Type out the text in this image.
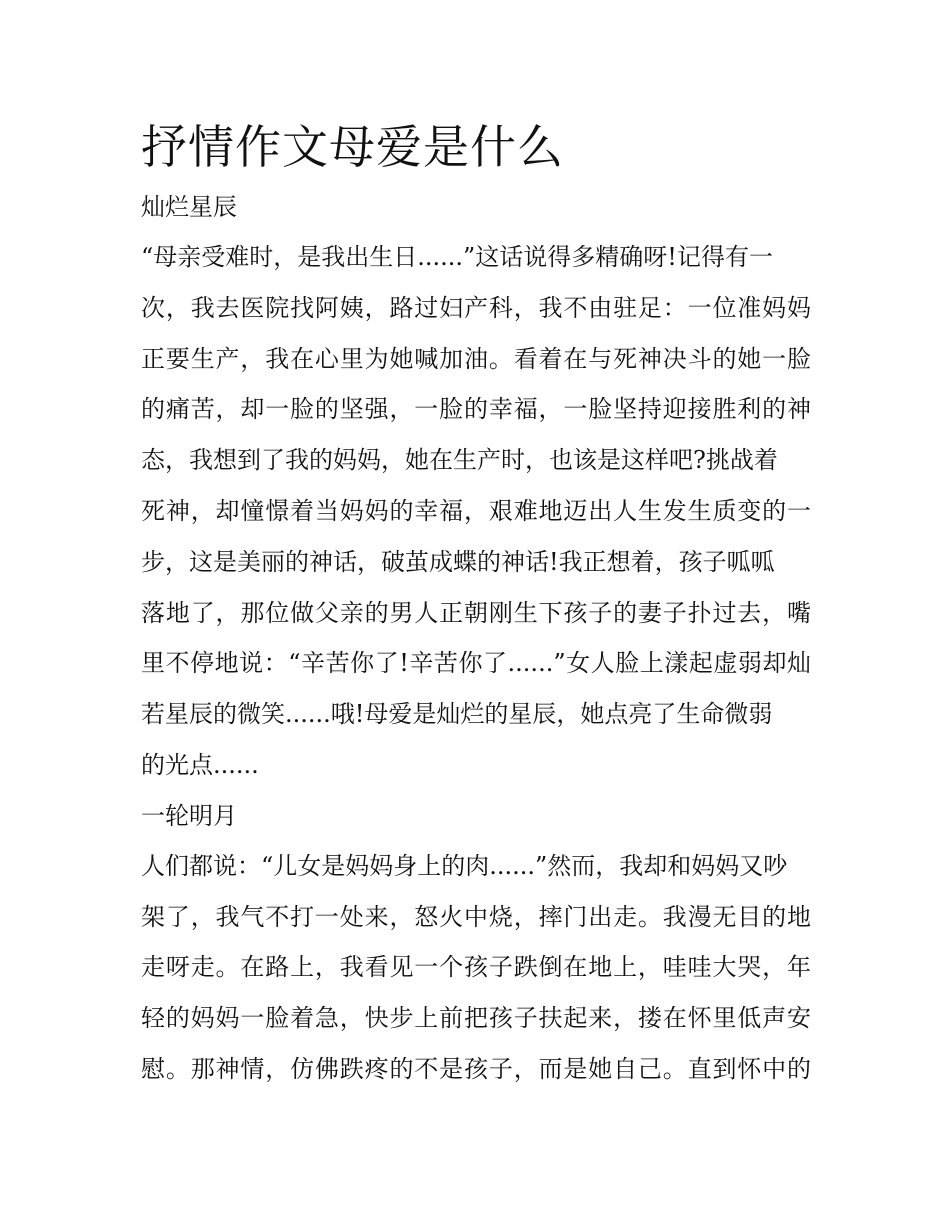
抒情作文母爱是什么
灿烂星辰
“母亲受难时，是我出生日......”这话说得多精确呀!记得有一
次，我去医院找阿姨，路过妇产科，我不由驻足：一位准妈妈
正要生产，我在心里为她喊加油。看着在与死神决斗的她一脸
的痛苦，却一脸的坚强，一脸的幸福，一脸坚持迎接胜利的神
态，我想到了我的妈妈，她在生产时，也该是这样吧?挑战着
死神，却憧憬着当妈妈的幸福，艰难地迈出人生发生质变的一
步，这是美丽的神话，破茧成蝶的神话!我正想着，孩子呱呱
落地了，那位做父亲的男人正朝刚生下孩子的妻子扑过去，嘴
里不停地说：“辛苦你了!辛苦你了......”女人脸上漾起虚弱却灿
若星辰的微笑......哦!母爱是灿烂的星辰，她点亮了生命微弱
的光点......
一轮明月
人们都说：“儿女是妈妈身上的肉......”然而，我却和妈妈又吵
架了，我气不打一处来，怒火中烧，摔门出走。我漫无目的地
走呀走。在路上，我看见一个孩子跌倒在地上，哇哇大哭，年
轻的妈妈一脸着急，快步上前把孩子扶起来，搂在怀里低声安
慰。那神情，仿佛跌疼的不是孩子，而是她自己。直到怀中的
